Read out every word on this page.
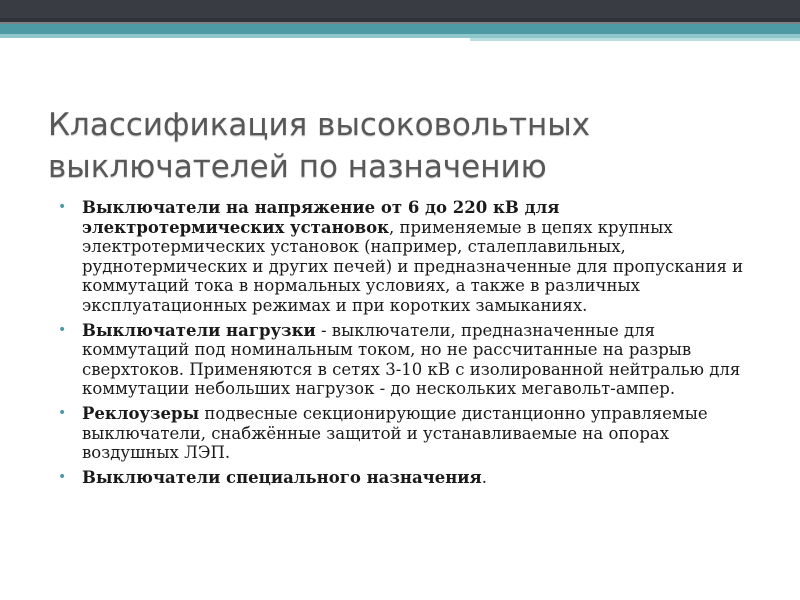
Классификация высоковольтных выключателей по назначению
• Выключатели на напряжение от 6 до 220 кВ для электротермических установок, применяемые в цепях крупных электротермических установок (например, сталеплавильных, руднотермических и других печей) и предназначенные для пропускания и коммутаций тока в нормальных условиях, а также в различных эксплуатационных режимах и при коротких замыканиях.
• Выключатели нагрузки - выключатели, предназначенные для коммутаций под номинальным током, но не рассчитанные на разрыв сверхтоков. Применяются в сетях 3-10 кВ с изолированной нейтралью для коммутации небольших нагрузок - до нескольких мегавольт-ампер.
• Реклоузеры подвесные секционирующие дистанционно управляемые выключатели, снабжённые защитой и устанавливаемые на опорах воздушных ЛЭП.
• Выключатели специального назначения.
